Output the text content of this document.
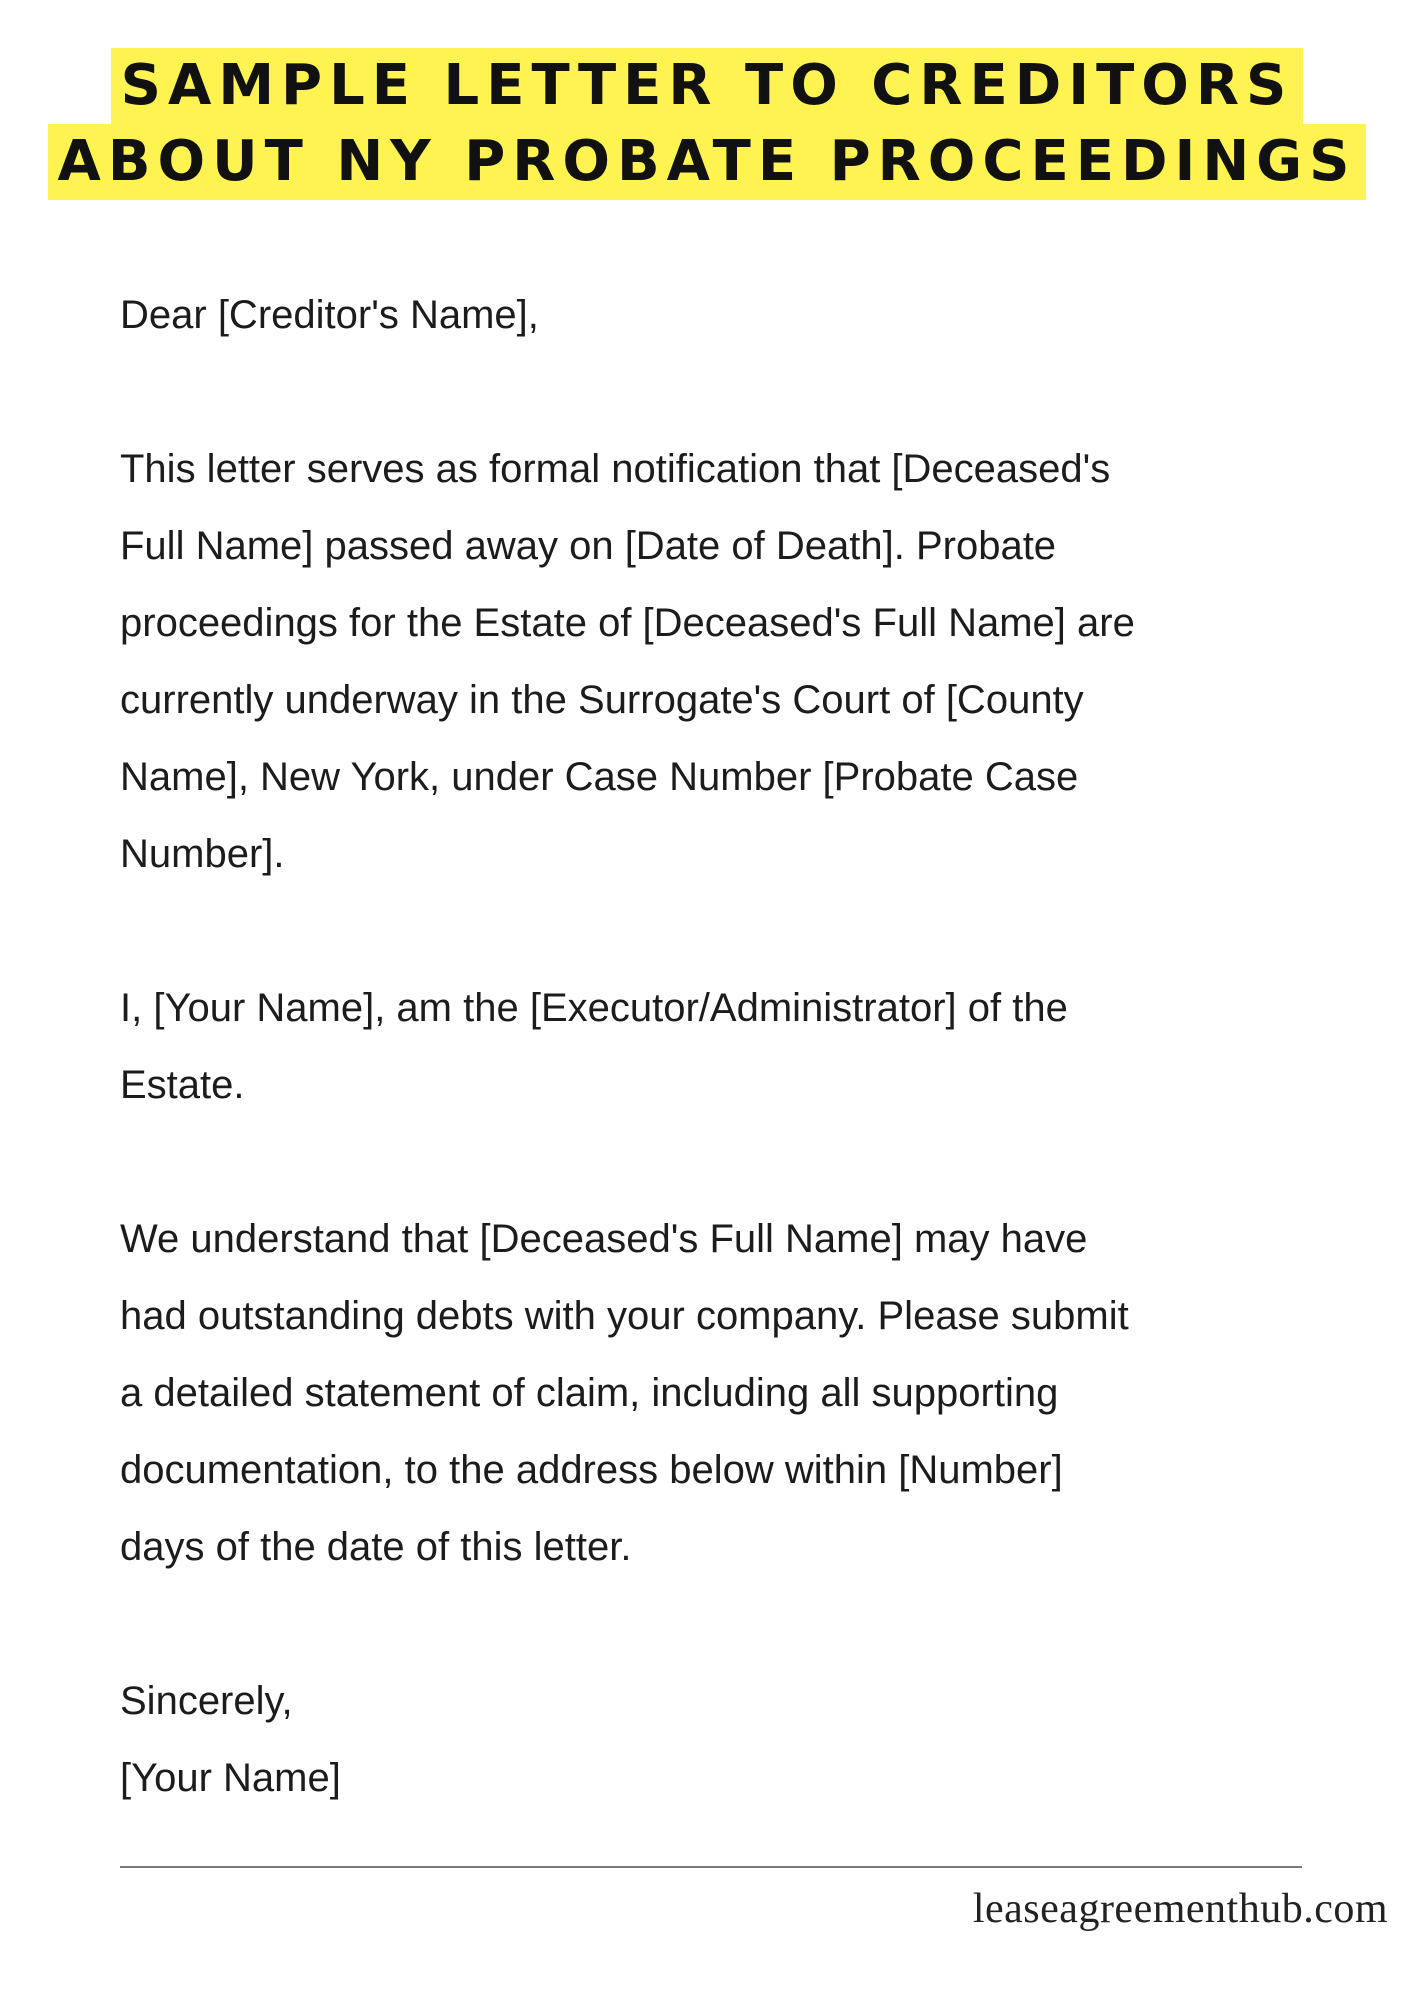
SAMPLE LETTER TO CREDITORS
ABOUT NY PROBATE PROCEEDINGS

Dear [Creditor's Name],

This letter serves as formal notification that [Deceased's
Full Name] passed away on [Date of Death]. Probate
proceedings for the Estate of [Deceased's Full Name] are
currently underway in the Surrogate's Court of [County
Name], New York, under Case Number [Probate Case
Number].

I, [Your Name], am the [Executor/Administrator] of the
Estate.

We understand that [Deceased's Full Name] may have
had outstanding debts with your company. Please submit
a detailed statement of claim, including all supporting
documentation, to the address below within [Number]
days of the date of this letter.

Sincerely,
[Your Name]
leaseagreementhub.com
